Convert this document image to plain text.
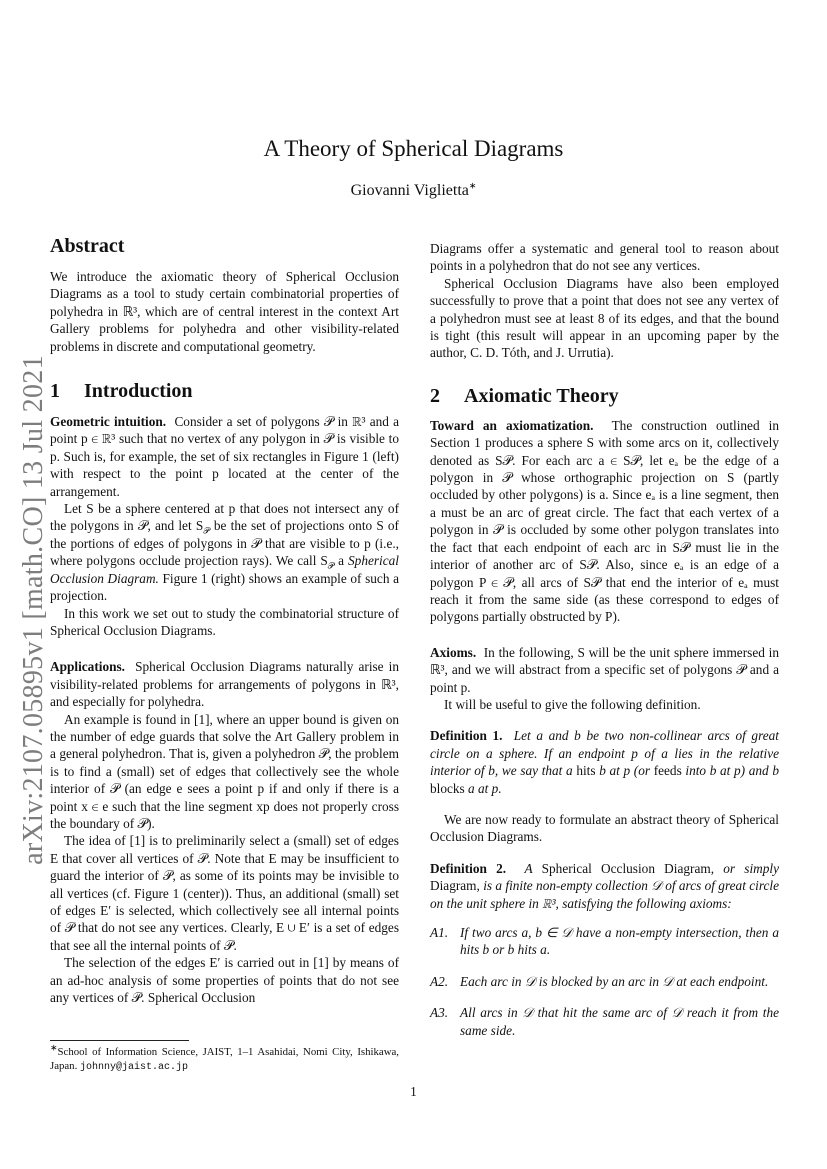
arXiv:2107.05895v1 [math.CO] 13 Jul 2021
A Theory of Spherical Diagrams
Giovanni Viglietta∗
Abstract

We introduce the axiomatic theory of Spherical Occlusion Diagrams as a tool to study certain combinatorial properties of polyhedra in ℝ³, which are of central interest in the context Art Gallery problems for polyhedra and other visibility-related problems in discrete and computational geometry.

1 Introduction

Geometric intuition. Consider a set of polygons 𝒫 in ℝ³ and a point p ∈ ℝ³ such that no vertex of any polygon in 𝒫 is visible to p. Such is, for example, the set of six rectangles in Figure 1 (left) with respect to the point p located at the center of the arrangement.

Let S be a sphere centered at p that does not intersect any of the polygons in 𝒫, and let $S_𝒫$ be the set of projections onto S of the portions of edges of polygons in 𝒫 that are visible to p (i.e., where polygons occlude projection rays). We call $S_𝒫$ a Spherical Occlusion Diagram. Figure 1 (right) shows an example of such a projection.

In this work we set out to study the combinatorial structure of Spherical Occlusion Diagrams.

Applications. Spherical Occlusion Diagrams naturally arise in visibility-related problems for arrangements of polygons in ℝ³, and especially for polyhedra.

An example is found in [1], where an upper bound is given on the number of edge guards that solve the Art Gallery problem in a general polyhedron. That is, given a polyhedron 𝒫, the problem is to find a (small) set of edges that collectively see the whole interior of 𝒫 (an edge e sees a point p if and only if there is a point x ∈ e such that the line segment xp does not properly cross the boundary of 𝒫).

The idea of [1] is to preliminarily select a (small) set of edges E that cover all vertices of 𝒫. Note that E may be insufficient to guard the interior of 𝒫, as some of its points may be invisible to all vertices (cf. Figure 1 (center)). Thus, an additional (small) set of edges E′ is selected, which collectively see all internal points of 𝒫 that do not see any vertices. Clearly, E ∪ E′ is a set of edges that see all the internal points of 𝒫.

The selection of the edges E′ is carried out in [1] by means of an ad-hoc analysis of some properties of points that do not see any vertices of 𝒫. Spherical Occlusion

Diagrams offer a systematic and general tool to reason about points in a polyhedron that do not see any vertices.

Spherical Occlusion Diagrams have also been employed successfully to prove that a point that does not see any vertex of a polyhedron must see at least 8 of its edges, and that the bound is tight (this result will appear in an upcoming paper by the author, C. D. Tóth, and J. Urrutia).

2 Axiomatic Theory

Toward an axiomatization. The construction outlined in Section 1 produces a sphere S with some arcs on it, collectively denoted as S𝒫. For each arc a ∈ S𝒫, let eₐ be the edge of a polygon in 𝒫 whose orthographic projection on S (partly occluded by other polygons) is a. Since eₐ is a line segment, then a must be an arc of great circle. The fact that each vertex of a polygon in 𝒫 is occluded by some other polygon translates into the fact that each endpoint of each arc in S𝒫 must lie in the interior of another arc of S𝒫. Also, since eₐ is an edge of a polygon P ∈ 𝒫, all arcs of S𝒫 that end the interior of eₐ must reach it from the same side (as these correspond to edges of polygons partially obstructed by P).

Axioms. In the following, S will be the unit sphere immersed in ℝ³, and we will abstract from a specific set of polygons 𝒫 and a point p.

It will be useful to give the following definition.

Definition 1. Let a and b be two non-collinear arcs of great circle on a sphere. If an endpoint p of a lies in the relative interior of b, we say that a hits b at p (or feeds into b at p) and b blocks a at p.

We are now ready to formulate an abstract theory of Spherical Occlusion Diagrams.

Definition 2. A Spherical Occlusion Diagram, or simply Diagram, is a finite non-empty collection 𝒟 of arcs of great circle on the unit sphere in ℝ³, satisfying the following axioms:

A1. If two arcs a, b ∈ 𝒟 have a non-empty intersection, then a hits b or b hits a.
A2. Each arc in 𝒟 is blocked by an arc in 𝒟 at each endpoint.
A3. All arcs in 𝒟 that hit the same arc of 𝒟 reach it from the same side.
∗School of Information Science, JAIST, 1–1 Asahidai, Nomi City, Ishikawa, Japan. johnny@jaist.ac.jp
1
